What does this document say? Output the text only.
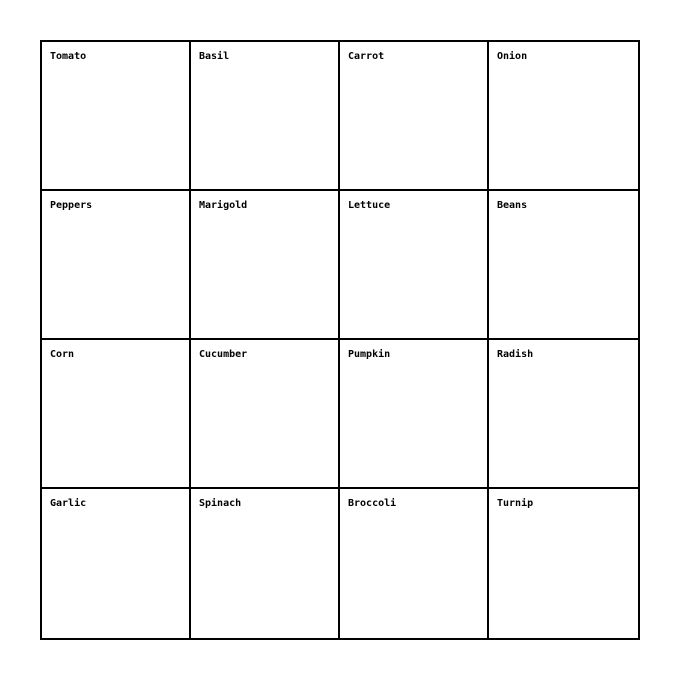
Tomato	Basil	Carrot	Onion
Peppers	Marigold	Lettuce	Beans
Corn	Cucumber	Pumpkin	Radish
Garlic	Spinach	Broccoli	Turnip
